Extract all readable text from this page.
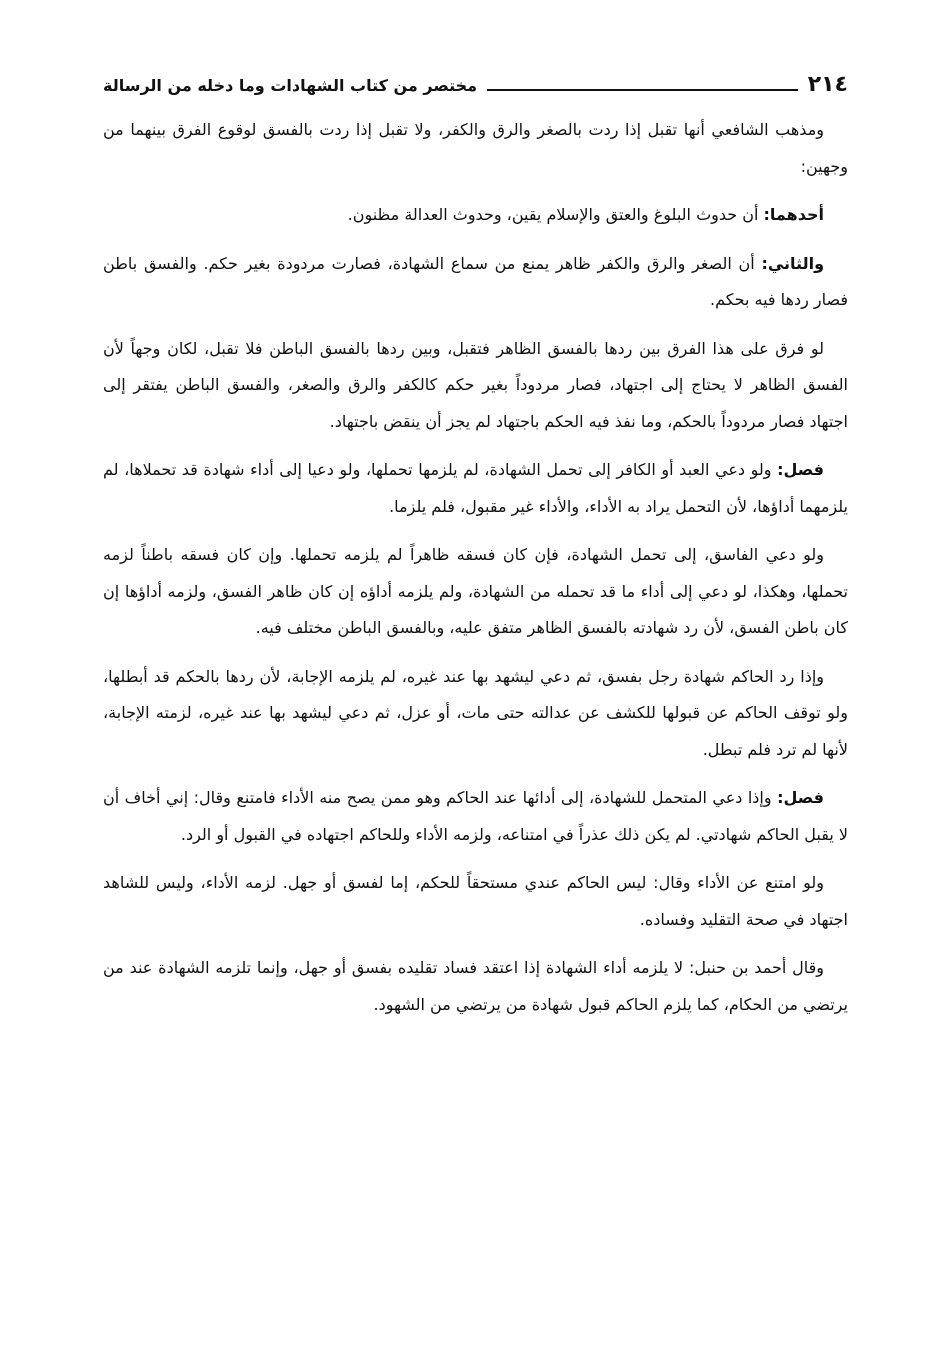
٢١٤
مختصر من كتاب الشهادات وما دخله من الرسالة

ومذهب الشافعي أنها تقبل إذا ردت بالصغر والرق والكفر، ولا تقبل إذا ردت بالفسق لوقوع الفرق بينهما من وجهين:

أحدهما: أن حدوث البلوغ والعتق والإسلام يقين، وحدوث العدالة مظنون.

والثاني: أن الصغر والرق والكفر ظاهر يمنع من سماع الشهادة، فصارت مردودة بغير حكم. والفسق باطن فصار ردها فيه بحكم.

لو فرق على هذا الفرق بين ردها بالفسق الظاهر فتقبل، وبين ردها بالفسق الباطن فلا تقبل، لكان وجهاً لأن الفسق الظاهر لا يحتاج إلى اجتهاد، فصار مردوداً بغير حكم كالكفر والرق والصغر، والفسق الباطن يفتقر إلى اجتهاد فصار مردوداً بالحكم، وما نفذ فيه الحكم باجتهاد لم يجز أن ينقض باجتهاد.

فصل: ولو دعي العبد أو الكافر إلى تحمل الشهادة، لم يلزمها تحملها، ولو دعيا إلى أداء شهادة قد تحملاها، لم يلزمهما أداؤها، لأن التحمل يراد به الأداء، والأداء غير مقبول، فلم يلزما.

ولو دعي الفاسق، إلى تحمل الشهادة، فإن كان فسقه ظاهراً لم يلزمه تحملها. وإن كان فسقه باطناً لزمه تحملها، وهكذا، لو دعي إلى أداء ما قد تحمله من الشهادة، ولم يلزمه أداؤه إن كان ظاهر الفسق، ولزمه أداؤها إن كان باطن الفسق، لأن رد شهادته بالفسق الظاهر متفق عليه، وبالفسق الباطن مختلف فيه.

وإذا رد الحاكم شهادة رجل بفسق، ثم دعي ليشهد بها عند غيره، لم يلزمه الإجابة، لأن ردها بالحكم قد أبطلها، ولو توقف الحاكم عن قبولها للكشف عن عدالته حتى مات، أو عزل، ثم دعي ليشهد بها عند غيره، لزمته الإجابة، لأنها لم ترد فلم تبطل.

فصل: وإذا دعي المتحمل للشهادة، إلى أدائها عند الحاكم وهو ممن يصح منه الأداء فامتنع وقال: إني أخاف أن لا يقبل الحاكم شهادتي. لم يكن ذلك عذراً في امتناعه، ولزمه الأداء وللحاكم اجتهاده في القبول أو الرد.

ولو امتنع عن الأداء وقال: ليس الحاكم عندي مستحقاً للحكم، إما لفسق أو جهل. لزمه الأداء، وليس للشاهد اجتهاد في صحة التقليد وفساده.

وقال أحمد بن حنبل: لا يلزمه أداء الشهادة إذا اعتقد فساد تقليده بفسق أو جهل، وإنما تلزمه الشهادة عند من يرتضي من الحكام، كما يلزم الحاكم قبول شهادة من يرتضي من الشهود.
